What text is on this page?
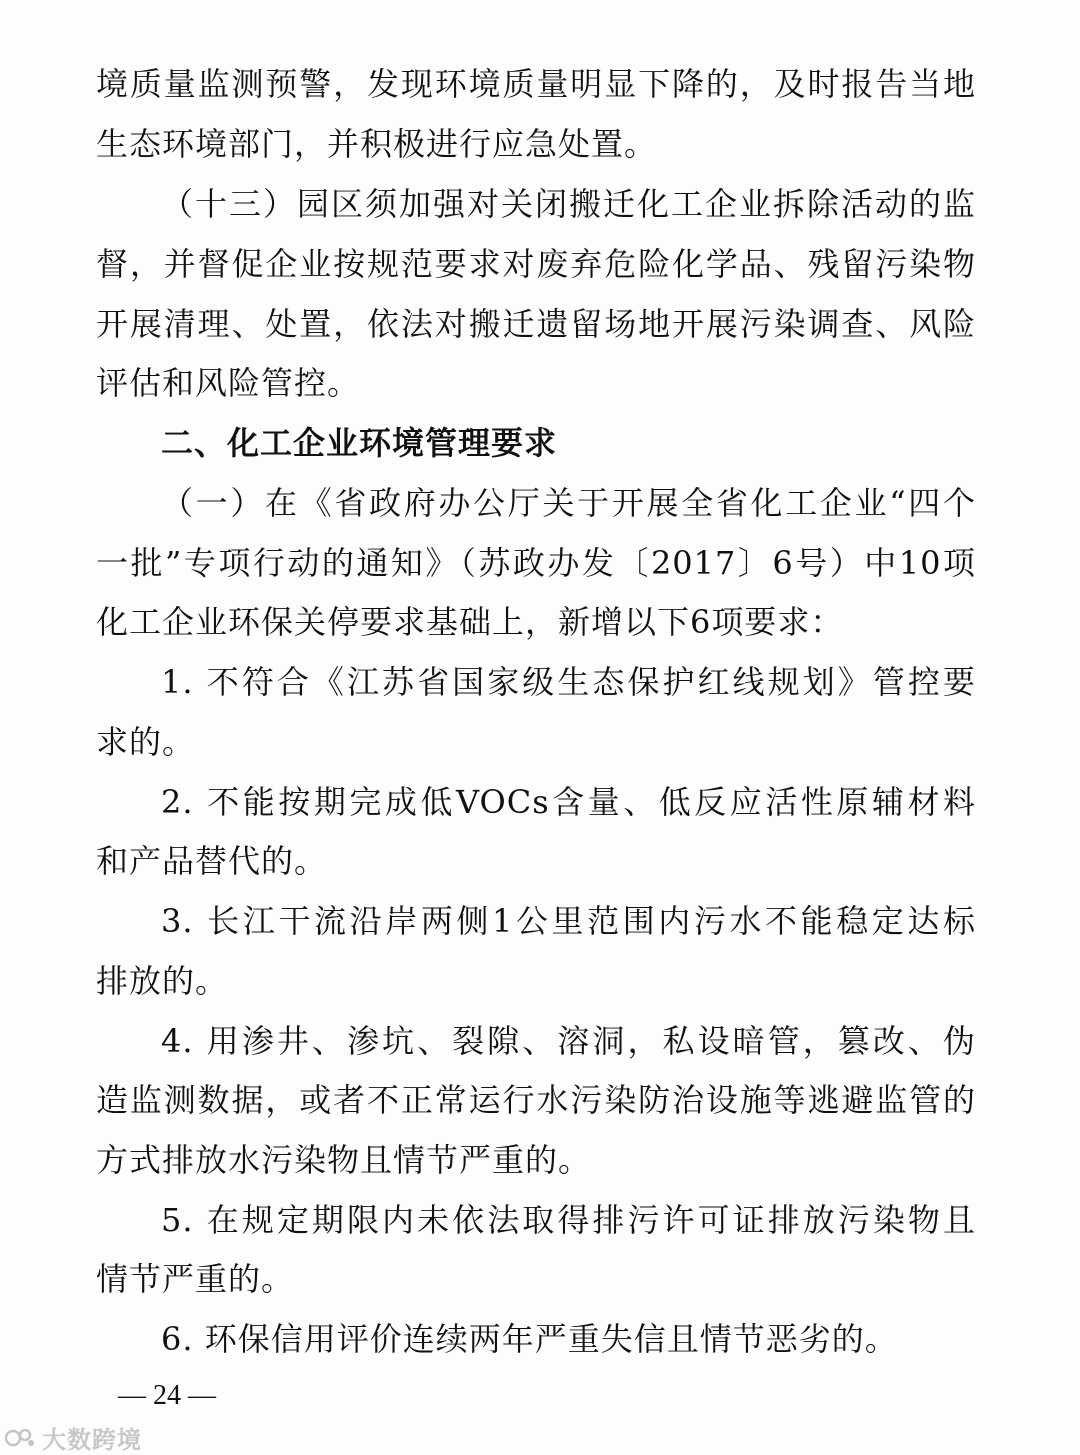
境质量监测预警，发现环境质量明显下降的，及时报告当地
生态环境部门，并积极进行应急处置。
（十三）园区须加强对关闭搬迁化工企业拆除活动的监
督，并督促企业按规范要求对废弃危险化学品、残留污染物
开展清理、处置，依法对搬迁遗留场地开展污染调查、风险
评估和风险管控。
二、化工企业环境管理要求
（一）在《省政府办公厅关于开展全省化工企业“四个
一批”专项行动的通知》（苏政办发〔2017〕6号）中10项
化工企业环保关停要求基础上，新增以下6项要求：
1. 不符合《江苏省国家级生态保护红线规划》管控要
求的。
2. 不能按期完成低VOCs含量、低反应活性原辅材料
和产品替代的。
3. 长江干流沿岸两侧1公里范围内污水不能稳定达标
排放的。
4. 用渗井、渗坑、裂隙、溶洞，私设暗管，篡改、伪
造监测数据，或者不正常运行水污染防治设施等逃避监管的
方式排放水污染物且情节严重的。
5. 在规定期限内未依法取得排污许可证排放污染物且
情节严重的。
6. 环保信用评价连续两年严重失信且情节恶劣的。
— 24 —
大数跨境
